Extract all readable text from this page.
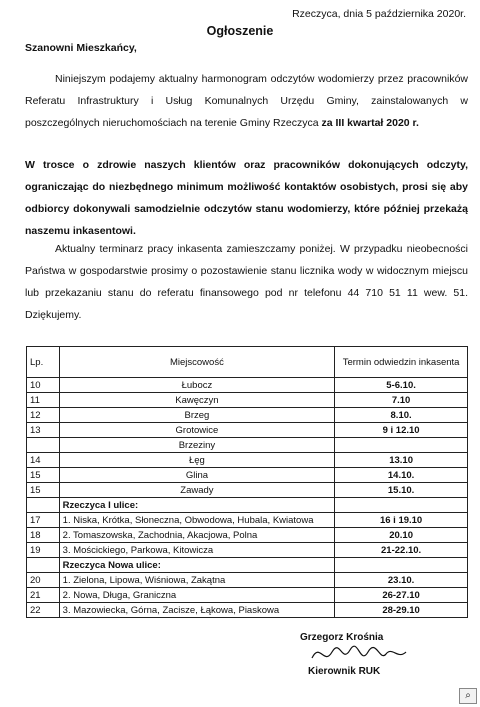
Rzeczyca, dnia 5 października 2020r.
Ogłoszenie
Szanowni Mieszkańcy,
Niniejszym podajemy aktualny harmonogram odczytów wodomierzy przez pracowników Referatu Infrastruktury i Usług Komunalnych Urzędu Gminy, zainstalowanych w poszczególnych nieruchomościach na terenie Gminy Rzeczyca za III kwartał 2020 r.
W trosce o zdrowie naszych klientów oraz pracowników dokonujących odczyty, ograniczając do niezbędnego minimum możliwość kontaktów osobistych, prosi się aby odbiorcy dokonywali samodzielnie odczytów stanu wodomierzy, które później przekażą naszemu inkasentowi.
Aktualny terminarz pracy inkasenta zamieszczamy poniżej. W przypadku nieobecności Państwa w gospodarstwie prosimy o pozostawienie stanu licznika wody w widocznym miejscu lub przekazaniu stanu do referatu finansowego pod nr telefonu 44 710 51 11 wew. 51. Dziękujemy.
Lp.	Miejscowość	Termin odwiedzin inkasenta
10	Łubocz	5-6.10.
11	Kawęczyn	7.10
12	Brzeg	8.10.
13	Grotowice	9 i 12.10
	Brzeziny	
14	Łęg	13.10
15	Glina	14.10.
15	Zawady	15.10.
	Rzeczyca I ulice:	
17	1. Niska, Krótka, Słoneczna, Obwodowa, Hubala, Kwiatowa	16 i 19.10
18	2. Tomaszowska, Zachodnia, Akacjowa, Polna	20.10
19	3. Mościckiego, Parkowa, Kitowicza	21-22.10.
	Rzeczyca Nowa ulice:	
20	1. Zielona, Lipowa, Wiśniowa, Zakątna	23.10.
21	2. Nowa, Długa, Graniczna	26-27.10
22	3. Mazowiecka, Górna, Zacisze, Łąkowa, Piaskowa	28-29.10
Grzegorz Krośnia
Kierownik RUK
⌕
